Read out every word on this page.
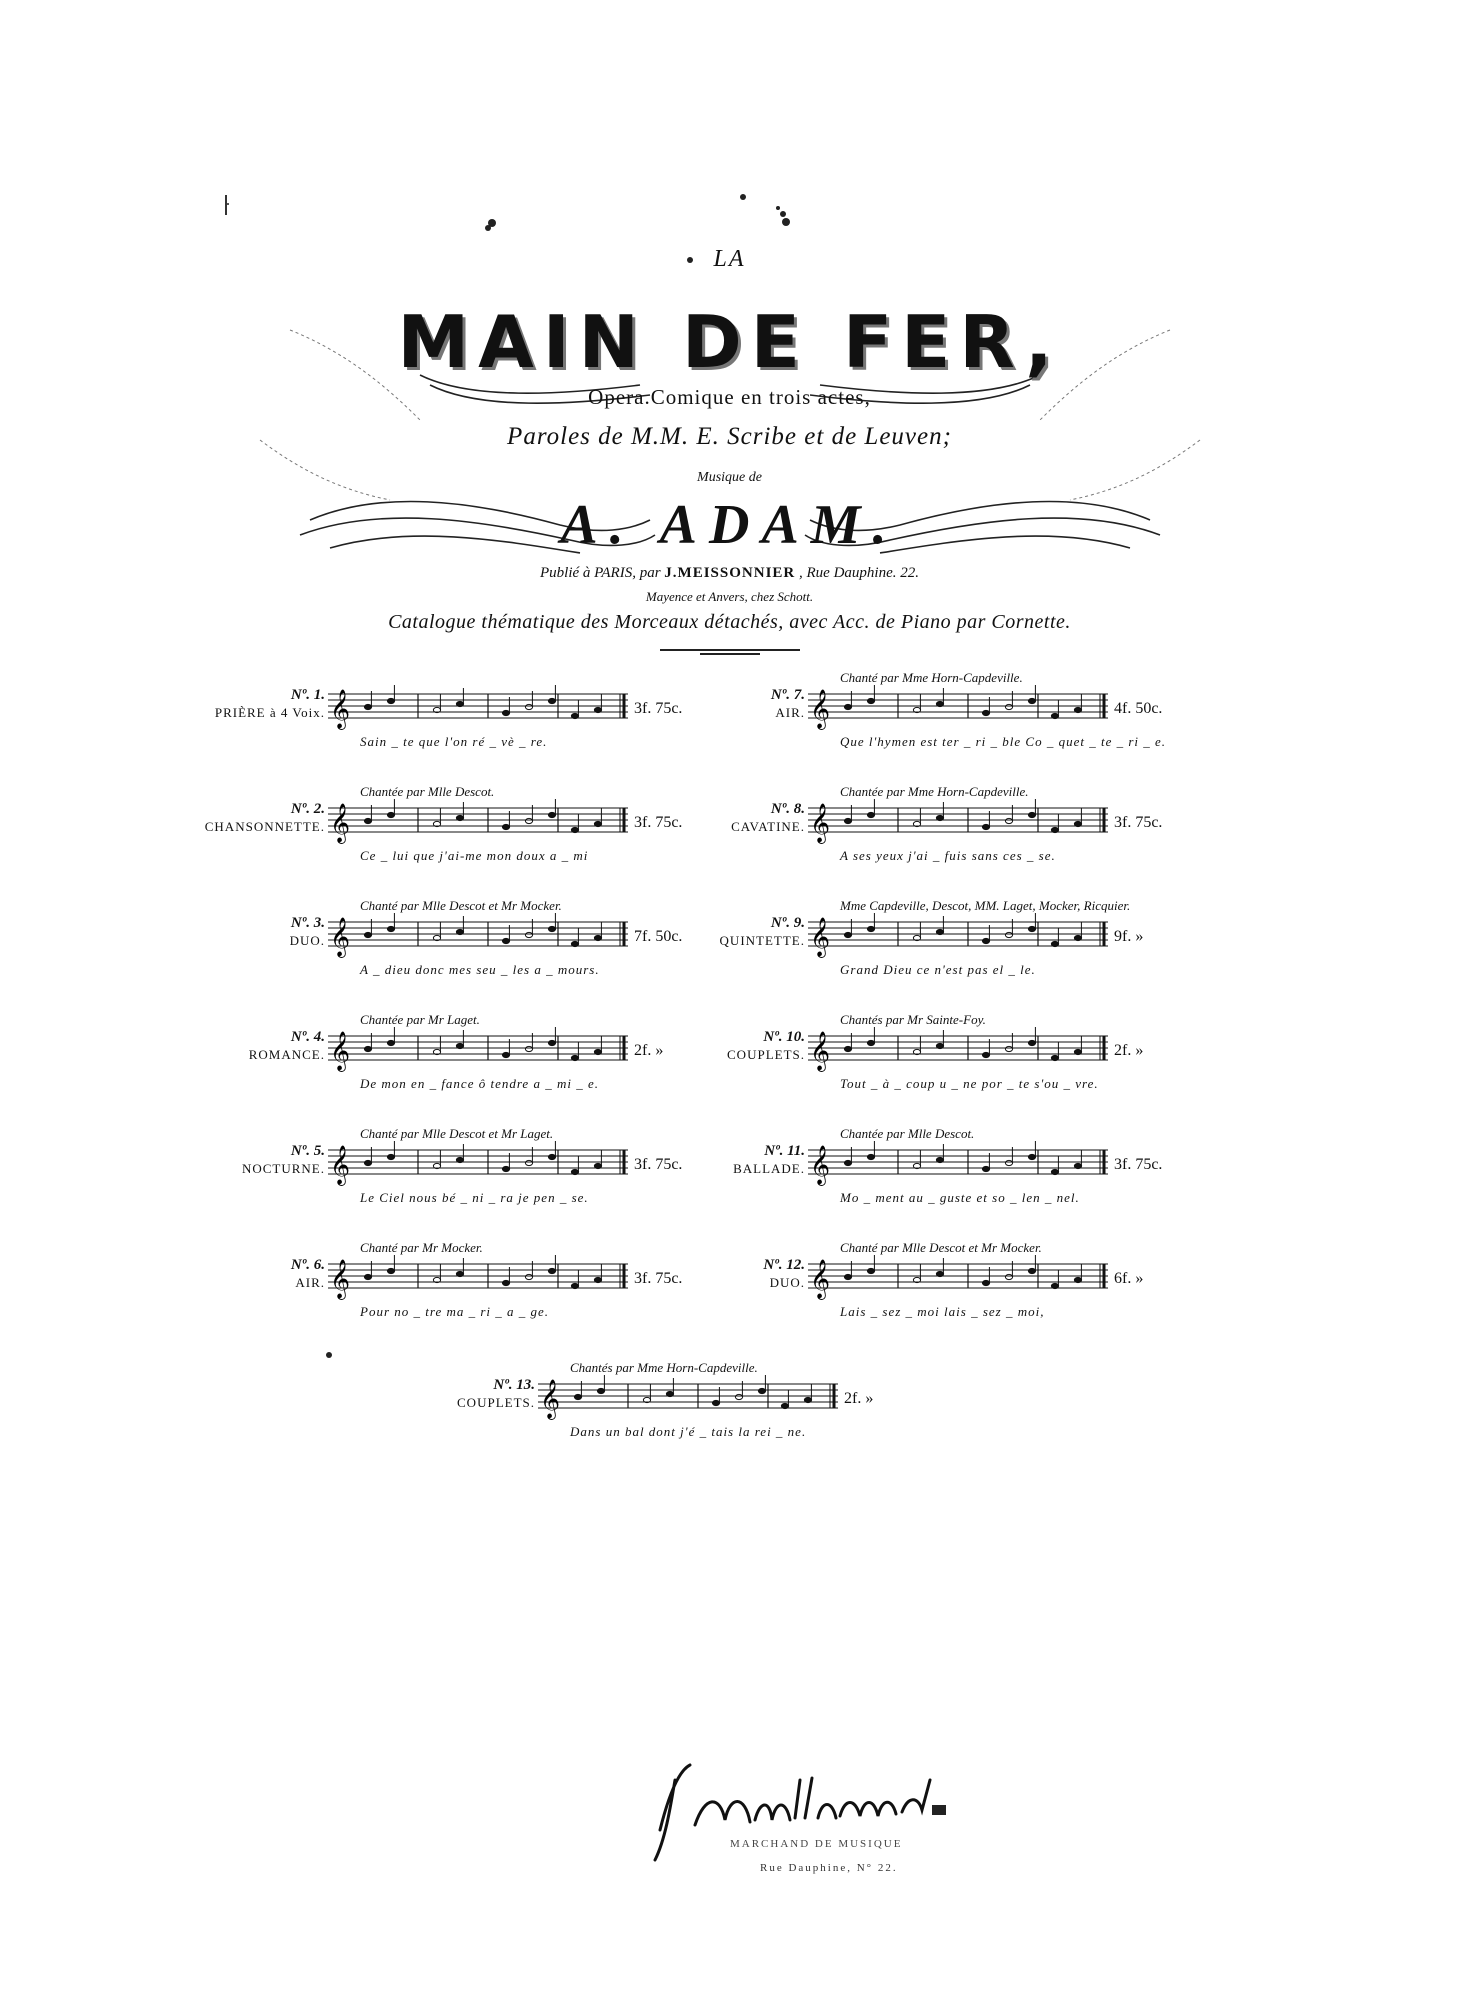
LA
MAIN DE FER,
Opera.Comique en trois actes,
Paroles de M.M. E. Scribe et de Leuven;
Musique de
A. ADAM.
Publié à PARIS, par J.MEISSONNIER , Rue Dauphine. 22.
Mayence et Anvers, chez Schott.
Catalogue thématique des Morceaux détachés, avec Acc. de Piano par Cornette.
Nº. 1.
PRIÈRE à 4 Voix. 𝄞
Sain _ te que l'on ré _ vè _ re.
3f. 75c.
Nº. 2.
CHANSONNETTE.
Chantée par Mlle Descot.
𝄞
Ce _ lui que j'ai-me mon doux a _ mi
3f. 75c.
Nº. 3.
DUO.
Chanté par Mlle Descot et Mr Mocker.
𝄞
A _ dieu donc mes seu _ les a _ mours.
7f. 50c.
Nº. 4.
ROMANCE.
Chantée par Mr Laget.
𝄞
De mon en _ fance ô tendre a _ mi _ e.
2f. »
Nº. 5.
NOCTURNE.
Chanté par Mlle Descot et Mr Laget.
𝄞
Le Ciel nous bé _ ni _ ra je pen _ se.
3f. 75c.
Nº. 6.
AIR.
Chanté par Mr Mocker.
𝄞
Pour no _ tre ma _ ri _ a _ ge.
3f. 75c.
Nº. 7.
AIR.
Chanté par Mme Horn-Capdeville.
𝄞
Que l'hymen est ter _ ri _ ble Co _ quet _ te _ ri _ e.
4f. 50c.
Nº. 8.
CAVATINE.
Chantée par Mme Horn-Capdeville.
𝄞
A ses yeux j'ai _ fuis sans ces _ se.
3f. 75c.
Nº. 9.
QUINTETTE.
Mme Capdeville, Descot, MM. Laget, Mocker, Ricquier.
𝄞
Grand Dieu ce n'est pas el _ le.
9f. »
Nº. 10.
COUPLETS.
Chantés par Mr Sainte-Foy.
𝄞
Tout _ à _ coup u _ ne por _ te s'ou _ vre.
2f. »
Nº. 11.
BALLADE.
Chantée par Mlle Descot.
𝄞
Mo _ ment au _ guste et so _ len _ nel.
3f. 75c.
Nº. 12.
DUO.
Chanté par Mlle Descot et Mr Mocker.
𝄞
Lais _ sez _ moi lais _ sez _ moi,
6f. »
Nº. 13.
COUPLETS.
Chantés par Mme Horn-Capdeville.
𝄞
Dans un bal dont j'é _ tais la rei _ ne.
2f. »
MARCHAND DE MUSIQUE
Rue Dauphine, N° 22.
